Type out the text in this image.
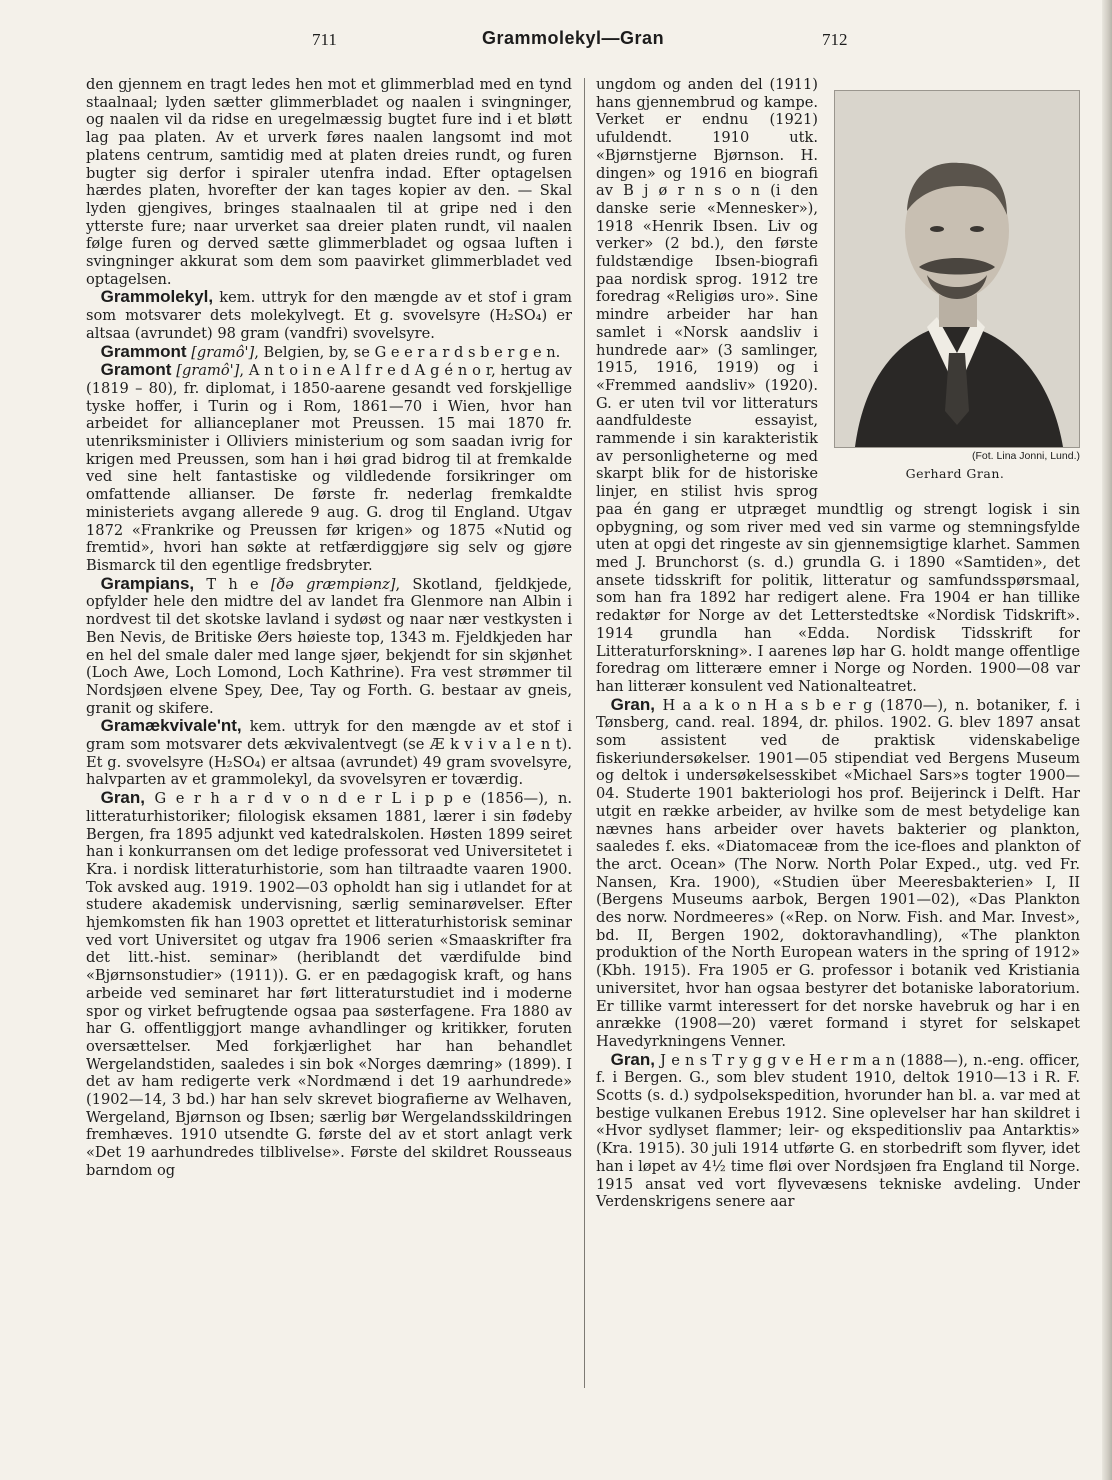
711	Grammolekyl—Gran	712

den gjennem en tragt ledes hen mot et glimmerblad med en tynd staalnaal; lyden sætter glimmerbladet og naalen i svingninger, og naalen vil da ridse en uregelmæssig bugtet fure ind i et bløtt lag paa platen. Av et urverk føres naalen langsomt ind mot platens centrum, samtidig med at platen dreies rundt, og furen bugter sig derfor i spiraler utenfra indad. Efter optagelsen hærdes platen, hvorefter der kan tages kopier av den. — Skal lyden gjengives, bringes staalnaalen til at gripe ned i den ytterste fure; naar urverket saa dreier platen rundt, vil naalen følge furen og derved sætte glimmerbladet og ogsaa luften i svingninger akkurat som dem som paavirket glimmerbladet ved optagelsen.

 Grammolekyl, kem. uttryk for den mængde av et stof i gram som motsvarer dets molekylvegt. Et g. svovelsyre (H₂SO₄) er altsaa (avrundet) 98 gram (vandfri) svovelsyre.

 Grammont [gramô'], Belgien, by, se G e e r a r d s b e r g e n.

 Gramont [gramô'], A n t o i n e A l f r e d A g é n o r, hertug av (1819 – 80), fr. diplomat, i 1850-aarene gesandt ved forskjellige tyske hoffer, i Turin og i Rom, 1861—70 i Wien, hvor han arbeidet for allianceplaner mot Preussen. 15 mai 1870 fr. utenriksminister i Olliviers ministerium og som saadan ivrig for krigen med Preussen, som han i høi grad bidrog til at fremkalde ved sine helt fantastiske og vildledende forsikringer om omfattende allianser. De første fr. nederlag fremkaldte ministeriets avgang allerede 9 aug. G. drog til England. Utgav 1872 «Frankrike og Preussen før krigen» og 1875 «Nutid og fremtid», hvori han søkte at retfærdiggjøre sig selv og gjøre Bismarck til den egentlige fredsbryter.

 Grampians, T h e [ðə græmpiənz], Skotland, fjeldkjede, opfylder hele den midtre del av landet fra Glenmore nan Albin i nordvest til det skotske lavland i sydøst og naar nær vestkysten i Ben Nevis, de Britiske Øers høieste top, 1343 m. Fjeldkjeden har en hel del smale daler med lange sjøer, bekjendt for sin skjønhet (Loch Awe, Loch Lomond, Loch Kathrine). Fra vest strømmer til Nordsjøen elvene Spey, Dee, Tay og Forth. G. bestaar av gneis, granit og skifere.

 Gramækvivale'nt, kem. uttryk for den mængde av et stof i gram som motsvarer dets ækvivalentvegt (se Æ k v i v a l e n t). Et g. svovelsyre (H₂SO₄) er altsaa (avrundet) 49 gram svovelsyre, halvparten av et grammolekyl, da svovelsyren er toværdig.

 Gran, G e r h a r d v o n d e r L i p p e (1856—), n. litteraturhistoriker; filologisk eksamen 1881, lærer i sin fødeby Bergen, fra 1895 adjunkt ved katedralskolen. Høsten 1899 seiret han i konkurransen om det ledige professorat ved Universitetet i Kra. i nordisk litteraturhistorie, som han tiltraadte vaaren 1900. Tok avsked aug. 1919. 1902—03 opholdt han sig i utlandet for at studere akademisk undervisning, særlig seminarøvelser. Efter hjemkomsten fik han 1903 oprettet et litteraturhistorisk seminar ved vort Universitet og utgav fra 1906 serien «Smaaskrifter fra det litt.-hist. seminar» (heriblandt det værdifulde bind «Bjørnsonstudier» (1911)). G. er en pædagogisk kraft, og hans arbeide ved seminaret har ført litteraturstudiet ind i moderne spor og virket befrugtende ogsaa paa søsterfagene. Fra 1880 av har G. offentliggjort mange avhandlinger og kritikker, foruten oversættelser. Med forkjærlighet har han behandlet Wergelandstiden, saaledes i sin bok «Norges dæmring» (1899). I det av ham redigerte verk «Nordmænd i det 19 aarhundrede» (1902—14, 3 bd.) har han selv skrevet biografierne av Welhaven, Wergeland, Bjørnson og Ibsen; særlig bør Wergelandsskildringen fremhæves. 1910 utsendte G. første del av et stort anlagt verk «Det 19 aarhundredes tilblivelse». Første del skildret Rousseaus barndom og

(Fot. Lina Jonni, Lund.)
Gerhard Gran.

ungdom og anden del (1911) hans gjennembrud og kampe. Verket er endnu (1921) ufuldendt. 1910 utk. «Bjørnstjerne Bjørnson. H. dingen» og 1916 en biografi av B j ø r n s o n (i den danske serie «Mennesker»), 1918 «Henrik Ibsen. Liv og verker» (2 bd.), den første fuldstændige Ibsen-biografi paa nordisk sprog. 1912 tre foredrag «Religiøs uro». Sine mindre arbeider har han samlet i «Norsk aandsliv i hundrede aar» (3 samlinger, 1915, 1916, 1919) og i «Fremmed aandsliv» (1920). G. er uten tvil vor litteraturs aandfuldeste essayist, rammende i sin karakteristik av personligheterne og med skarpt blik for de historiske linjer, en stilist hvis sprog paa én gang er utpræget mundtlig og strengt logisk i sin opbygning, og som river med ved sin varme og stemningsfylde uten at opgi det ringeste av sin gjennemsigtige klarhet. Sammen med J. Brunchorst (s. d.) grundla G. i 1890 «Samtiden», det ansete tidsskrift for politik, litteratur og samfundsspørsmaal, som han fra 1892 har redigert alene. Fra 1904 er han tillike redaktør for Norge av det Letterstedtske «Nordisk Tidskrift». 1914 grundla han «Edda. Nordisk Tidsskrift for Litteraturforskning». I aarenes løp har G. holdt mange offentlige foredrag om litterære emner i Norge og Norden. 1900—08 var han litterær konsulent ved Nationalteatret.

 Gran, H a a k o n H a s b e r g (1870—), n. botaniker, f. i Tønsberg, cand. real. 1894, dr. philos. 1902. G. blev 1897 ansat som assistent ved de praktisk videnskabelige fiskeriundersøkelser. 1901—05 stipendiat ved Bergens Museum og deltok i undersøkelsesskibet «Michael Sars»s togter 1900—04. Studerte 1901 bakteriologi hos prof. Beijerinck i Delft. Har utgit en række arbeider, av hvilke som de mest betydelige kan nævnes hans arbeider over havets bakterier og plankton, saaledes f. eks. «Diatomaceæ from the ice-floes and plankton of the arct. Ocean» (The Norw. North Polar Exped., utg. ved Fr. Nansen, Kra. 1900), «Studien über Meeresbakterien» I, II (Bergens Museums aarbok, Bergen 1901—02), «Das Plankton des norw. Nordmeeres» («Rep. on Norw. Fish. and Mar. Invest», bd. II, Bergen 1902, doktoravhandling), «The plankton produktion of the North European waters in the spring of 1912» (Kbh. 1915). Fra 1905 er G. professor i botanik ved Kristiania universitet, hvor han ogsaa bestyrer det botaniske laboratorium. Er tillike varmt interessert for det norske havebruk og har i en anrække (1908—20) været formand i styret for selskapet Havedyrkningens Venner.

 Gran, J e n s T r y g g v e H e r m a n (1888—), n.-eng. officer, f. i Bergen. G., som blev student 1910, deltok 1910—13 i R. F. Scotts (s. d.) sydpolsekspedition, hvorunder han bl. a. var med at bestige vulkanen Erebus 1912. Sine oplevelser har han skildret i «Hvor sydlyset flammer; leir- og ekspeditionsliv paa Antarktis» (Kra. 1915). 30 juli 1914 utførte G. en storbedrift som flyver, idet han i løpet av 4½ time fløi over Nordsjøen fra England til Norge. 1915 ansat ved vort flyvevæsens tekniske avdeling. Under Verdenskrigens senere aar
